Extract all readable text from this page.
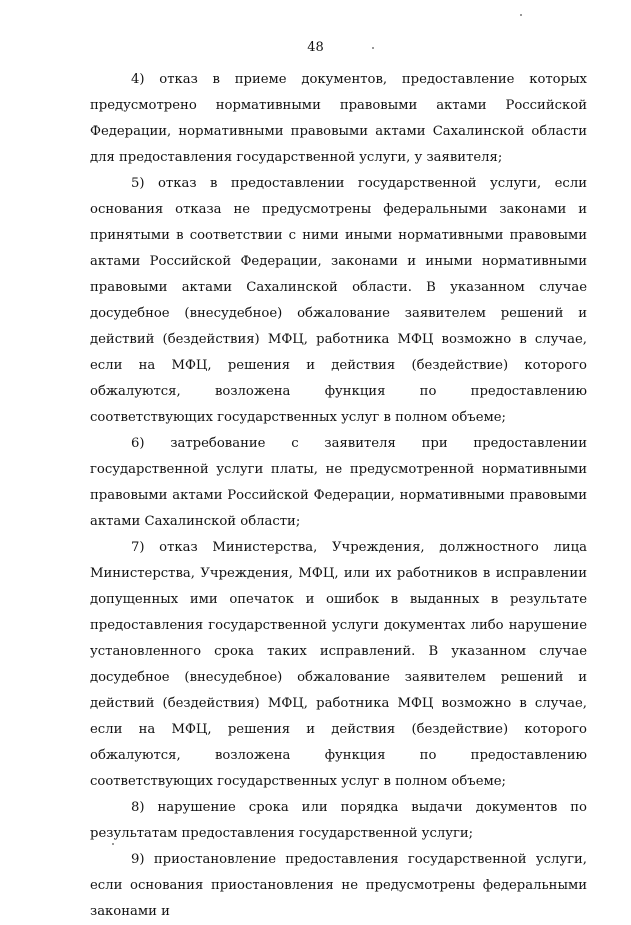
48

4) отказ в приеме документов, предоставление которых предусмотрено нормативными правовыми актами Российской Федерации, нормативными правовыми актами Сахалинской области для предоставления государственной услуги, у заявителя;

5) отказ в предоставлении государственной услуги, если основания отказа не предусмотрены федеральными законами и принятыми в соответствии с ними иными нормативными правовыми актами Российской Федерации, законами и иными нормативными правовыми актами Сахалинской области. В указанном случае досудебное (внесудебное) обжалование заявителем решений и действий (бездействия) МФЦ, работника МФЦ возможно в случае, если на МФЦ, решения и действия (бездействие) которого обжалуются, возложена функция по предоставлению соответствующих государственных услуг в полном объеме;

6) затребование с заявителя при предоставлении государственной услуги платы, не предусмотренной нормативными правовыми актами Российской Федерации, нормативными правовыми актами Сахалинской области;

7) отказ Министерства, Учреждения, должностного лица Министерства, Учреждения, МФЦ, или их работников в исправлении допущенных ими опечаток и ошибок в выданных в результате предоставления государственной услуги документах либо нарушение установленного срока таких исправлений. В указанном случае досудебное (внесудебное) обжалование заявителем решений и действий (бездействия) МФЦ, работника МФЦ возможно в случае, если на МФЦ, решения и действия (бездействие) которого обжалуются, возложена функция по предоставлению соответствующих государственных услуг в полном объеме;

8) нарушение срока или порядка выдачи документов по результатам предоставления государственной услуги;

9) приостановление предоставления государственной услуги, если основания приостановления не предусмотрены федеральными законами и
